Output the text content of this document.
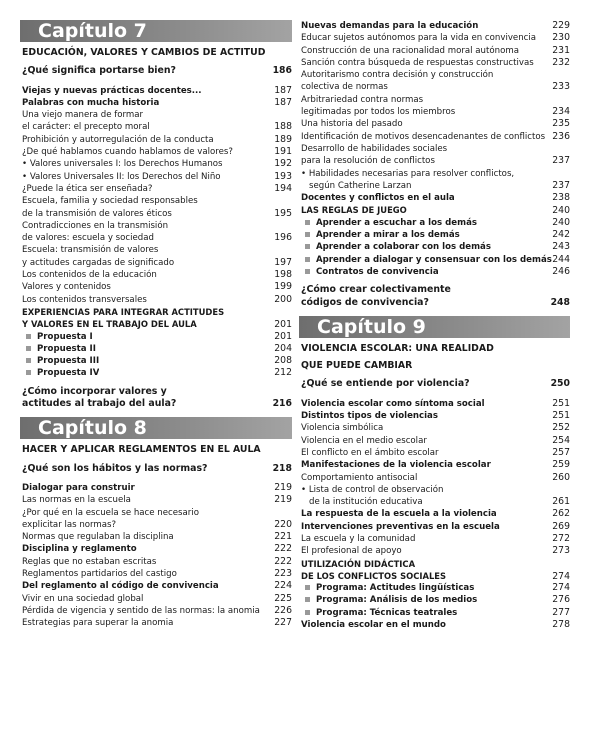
Capítulo 7
EDUCACIÓN, VALORES Y CAMBIOS DE ACTITUD
¿Qué significa portarse bien?	186
Viejas y nuevas prácticas docentes...	187
Palabras con mucha historia	187
Una viejo manera de formar
el carácter: el precepto moral	188
Prohibición y autorregulación de la conducta	189
¿De qué hablamos cuando hablamos de valores?	191
• Valores universales I: los Derechos Humanos	192
• Valores Universales II: los Derechos del Niño	193
¿Puede la ética ser enseñada?	194
Escuela, familia y sociedad responsables
de la transmisión de valores éticos	195
Contradicciones en la transmisión
de valores: escuela y sociedad	196
Escuela: transmisión de valores
y actitudes cargadas de significado	197
Los contenidos de la educación	198
Valores y contenidos	199
Los contenidos transversales	200
EXPERIENCIAS PARA INTEGRAR ACTITUDES
Y VALORES EN EL TRABAJO DEL AULA	201
Propuesta I	201
Propuesta II	204
Propuesta III	208
Propuesta IV	212
¿Cómo incorporar valores y
actitudes al trabajo del aula?	216
Capítulo 8
HACER Y APLICAR REGLAMENTOS EN EL AULA
¿Qué son los hábitos y las normas?	218
Dialogar para construir	219
Las normas en la escuela	219
¿Por qué en la escuela se hace necesario
explicitar las normas?	220
Normas que regulaban la disciplina	221
Disciplina y reglamento	222
Reglas que no estaban escritas	222
Reglamentos partidarios del castigo	223
Del reglamento al código de convivencia	224
Vivir en una sociedad global	225
Pérdida de vigencia y sentido de las normas: la anomia 226
Estrategias para superar la anomia	227
Nuevas demandas para la educación	229
Educar sujetos autónomos para la vida en convivencia 230
Construcción de una racionalidad moral autónoma	231
Sanción contra búsqueda de respuestas constructivas 232
Autoritarismo contra decisión y construcción
colectiva de normas	233
Arbitrariedad contra normas
legitimadas por todos los miembros	234
Una historia del pasado	235
Identificación de motivos desencadenantes de conflictos 236
Desarrollo de habilidades sociales
para la resolución de conflictos	237
• Habilidades necesarias para resolver conflictos,
según Catherine Larzan	237
Docentes y conflictos en el aula	238
LAS REGLAS DE JUEGO	240
Aprender a escuchar a los demás	240
Aprender a mirar a los demás	242
Aprender a colaborar con los demás	243
Aprender a dialogar y consensuar con los demás 244
Contratos de convivencia	246
¿Cómo crear colectivamente
códigos de convivencia?	248
Capítulo 9
VIOLENCIA ESCOLAR: UNA REALIDAD
QUE PUEDE CAMBIAR
¿Qué se entiende por violencia?	250
Violencia escolar como síntoma social	251
Distintos tipos de violencias	251
Violencia simbólica	252
Violencia en el medio escolar	254
El conflicto en el ámbito escolar	257
Manifestaciones de la violencia escolar	259
Comportamiento antisocial	260
• Lista de control de observación
de la institución educativa	261
La respuesta de la escuela a la violencia	262
Intervenciones preventivas en la escuela	269
La escuela y la comunidad	272
El profesional de apoyo	273
UTILIZACIÓN DIDÁCTICA
DE LOS CONFLICTOS SOCIALES	274
Programa: Actitudes lingüísticas	274
Programa: Análisis de los medios	276
Programa: Técnicas teatrales	277
Violencia escolar en el mundo	278
